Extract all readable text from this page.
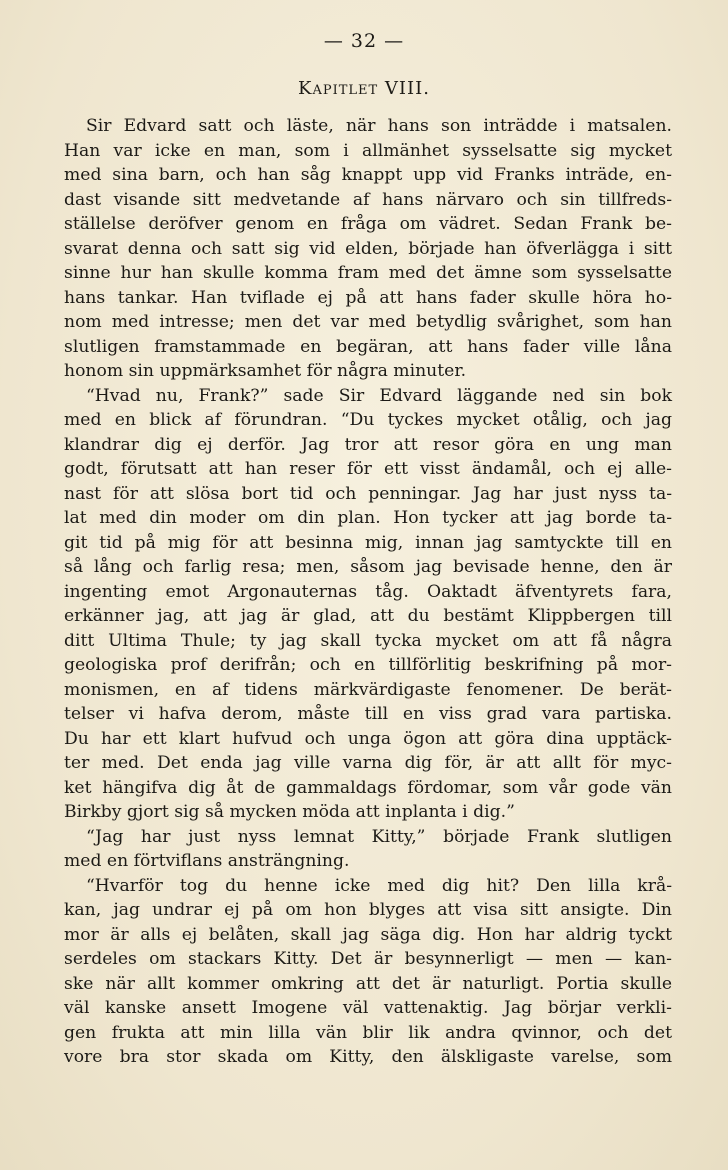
— 32 —
Kapitlet VIII.
Sir Edvard satt och läste, när hans son inträdde i matsalen.
Han var icke en man, som i allmänhet sysselsatte sig mycket
med sina barn, och han såg knappt upp vid Franks inträde, en-
dast visande sitt medvetande af hans närvaro och sin tillfreds-
ställelse deröfver genom en fråga om vädret. Sedan Frank be-
svarat denna och satt sig vid elden, började han öfverlägga i sitt
sinne hur han skulle komma fram med det ämne som sysselsatte
hans tankar. Han tviflade ej på att hans fader skulle höra ho-
nom med intresse; men det var med betydlig svårighet, som han
slutligen framstammade en begäran, att hans fader ville låna
honom sin uppmärksamhet för några minuter.
“Hvad nu, Frank?” sade Sir Edvard läggande ned sin bok
med en blick af förundran. “Du tyckes mycket otålig, och jag
klandrar dig ej derför. Jag tror att resor göra en ung man
godt, förutsatt att han reser för ett visst ändamål, och ej alle-
nast för att slösa bort tid och penningar. Jag har just nyss ta-
lat med din moder om din plan. Hon tycker att jag borde ta-
git tid på mig för att besinna mig, innan jag samtyckte till en
så lång och farlig resa; men, såsom jag bevisade henne, den är
ingenting emot Argonauternas tåg. Oaktadt äfventyrets fara,
erkänner jag, att jag är glad, att du bestämt Klippbergen till
ditt Ultima Thule; ty jag skall tycka mycket om att få några
geologiska prof derifrån; och en tillförlitig beskrifning på mor-
monismen, en af tidens märkvärdigaste fenomener. De berät-
telser vi hafva derom, måste till en viss grad vara partiska.
Du har ett klart hufvud och unga ögon att göra dina upptäck-
ter med. Det enda jag ville varna dig för, är att allt för myc-
ket hängifva dig åt de gammaldags fördomar, som vår gode vän
Birkby gjort sig så mycken möda att inplanta i dig.”
“Jag har just nyss lemnat Kitty,” började Frank slutligen
med en förtviflans ansträngning.
“Hvarför tog du henne icke med dig hit? Den lilla krå-
kan, jag undrar ej på om hon blyges att visa sitt ansigte. Din
mor är alls ej belåten, skall jag säga dig. Hon har aldrig tyckt
serdeles om stackars Kitty. Det är besynnerligt — men — kan-
ske när allt kommer omkring att det är naturligt. Portia skulle
väl kanske ansett Imogene väl vattenaktig. Jag börjar verkli-
gen frukta att min lilla vän blir lik andra qvinnor, och det
vore bra stor skada om Kitty, den älskligaste varelse, som
